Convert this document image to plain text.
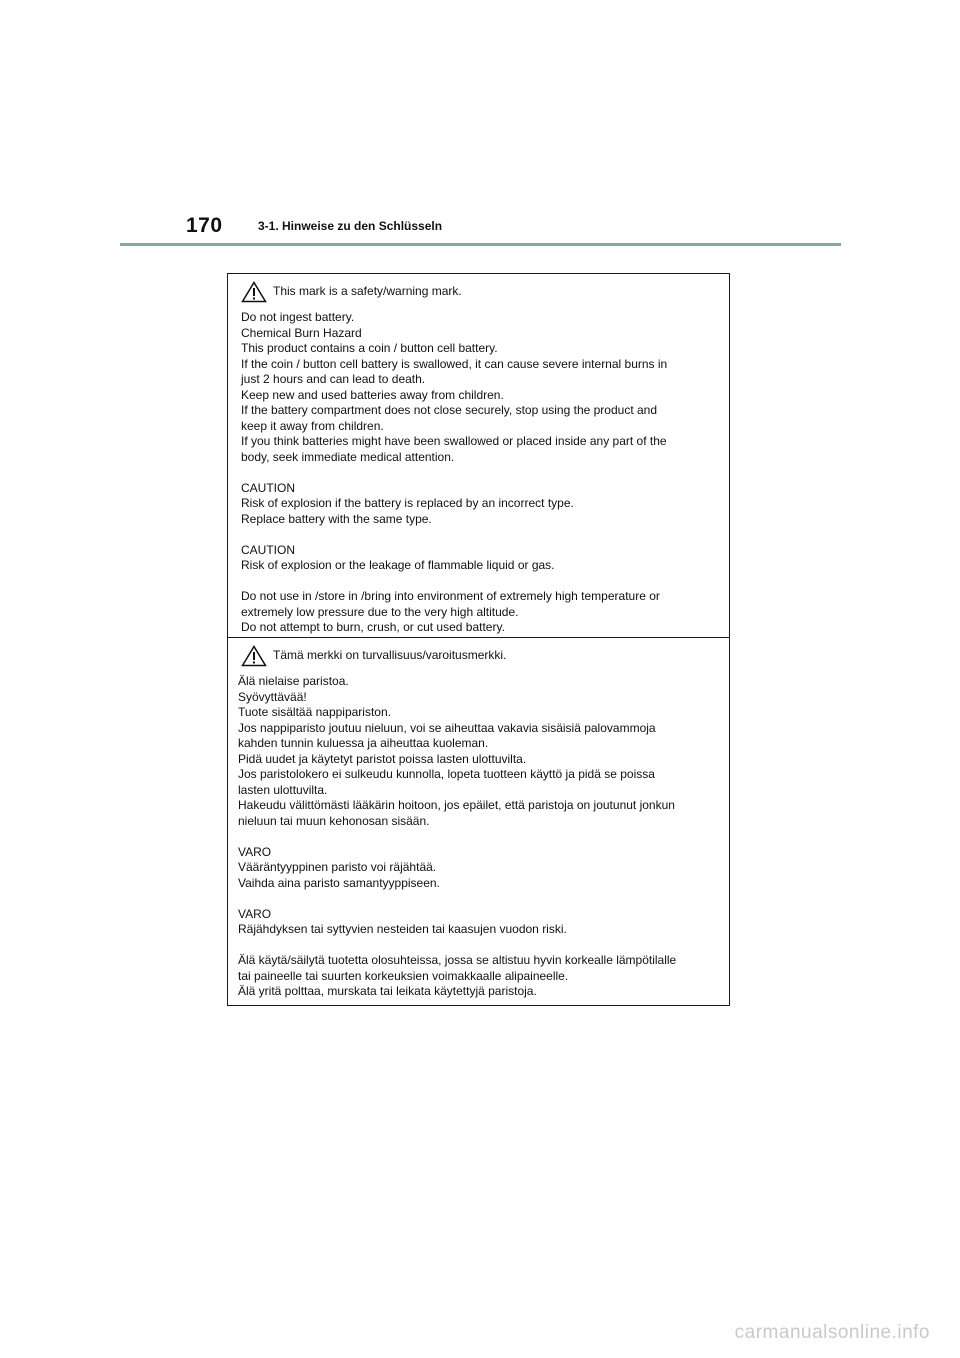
170	3-1. Hinweise zu den Schlüsseln
This mark is a safety/warning mark.

Do not ingest battery.
Chemical Burn Hazard
This product contains a coin / button cell battery.
If the coin / button cell battery is swallowed, it can cause severe internal burns in
just 2 hours and can lead to death.
Keep new and used batteries away from children.
If the battery compartment does not close securely, stop using the product and
keep it away from children.
If you think batteries might have been swallowed or placed inside any part of the
body, seek immediate medical attention.

CAUTION
Risk of explosion if the battery is replaced by an incorrect type.
Replace battery with the same type.

CAUTION
Risk of explosion or the leakage of flammable liquid or gas.

Do not use in /store in /bring into environment of extremely high temperature or
extremely low pressure due to the very high altitude.
Do not attempt to burn, crush, or cut used battery.

Tämä merkki on turvallisuus/varoitusmerkki.

Älä nielaise paristoa.
Syövyttävää!
Tuote sisältää nappipariston.
Jos nappiparisto joutuu nieluun, voi se aiheuttaa vakavia sisäisiä palovammoja
kahden tunnin kuluessa ja aiheuttaa kuoleman.
Pidä uudet ja käytetyt paristot poissa lasten ulottuvilta.
Jos paristolokero ei sulkeudu kunnolla, lopeta tuotteen käyttö ja pidä se poissa
lasten ulottuvilta.
Hakeudu välittömästi lääkärin hoitoon, jos epäilet, että paristoja on joutunut jonkun
nieluun tai muun kehonosan sisään.

VARO
Vääräntyyppinen paristo voi räjähtää.
Vaihda aina paristo samantyyppiseen.

VARO
Räjähdyksen tai syttyvien nesteiden tai kaasujen vuodon riski.

Älä käytä/säilytä tuotetta olosuhteissa, jossa se altistuu hyvin korkealle lämpötilalle
tai paineelle tai suurten korkeuksien voimakkaalle alipaineelle.
Älä yritä polttaa, murskata tai leikata käytettyjä paristoja.

carmanualsonline.info
